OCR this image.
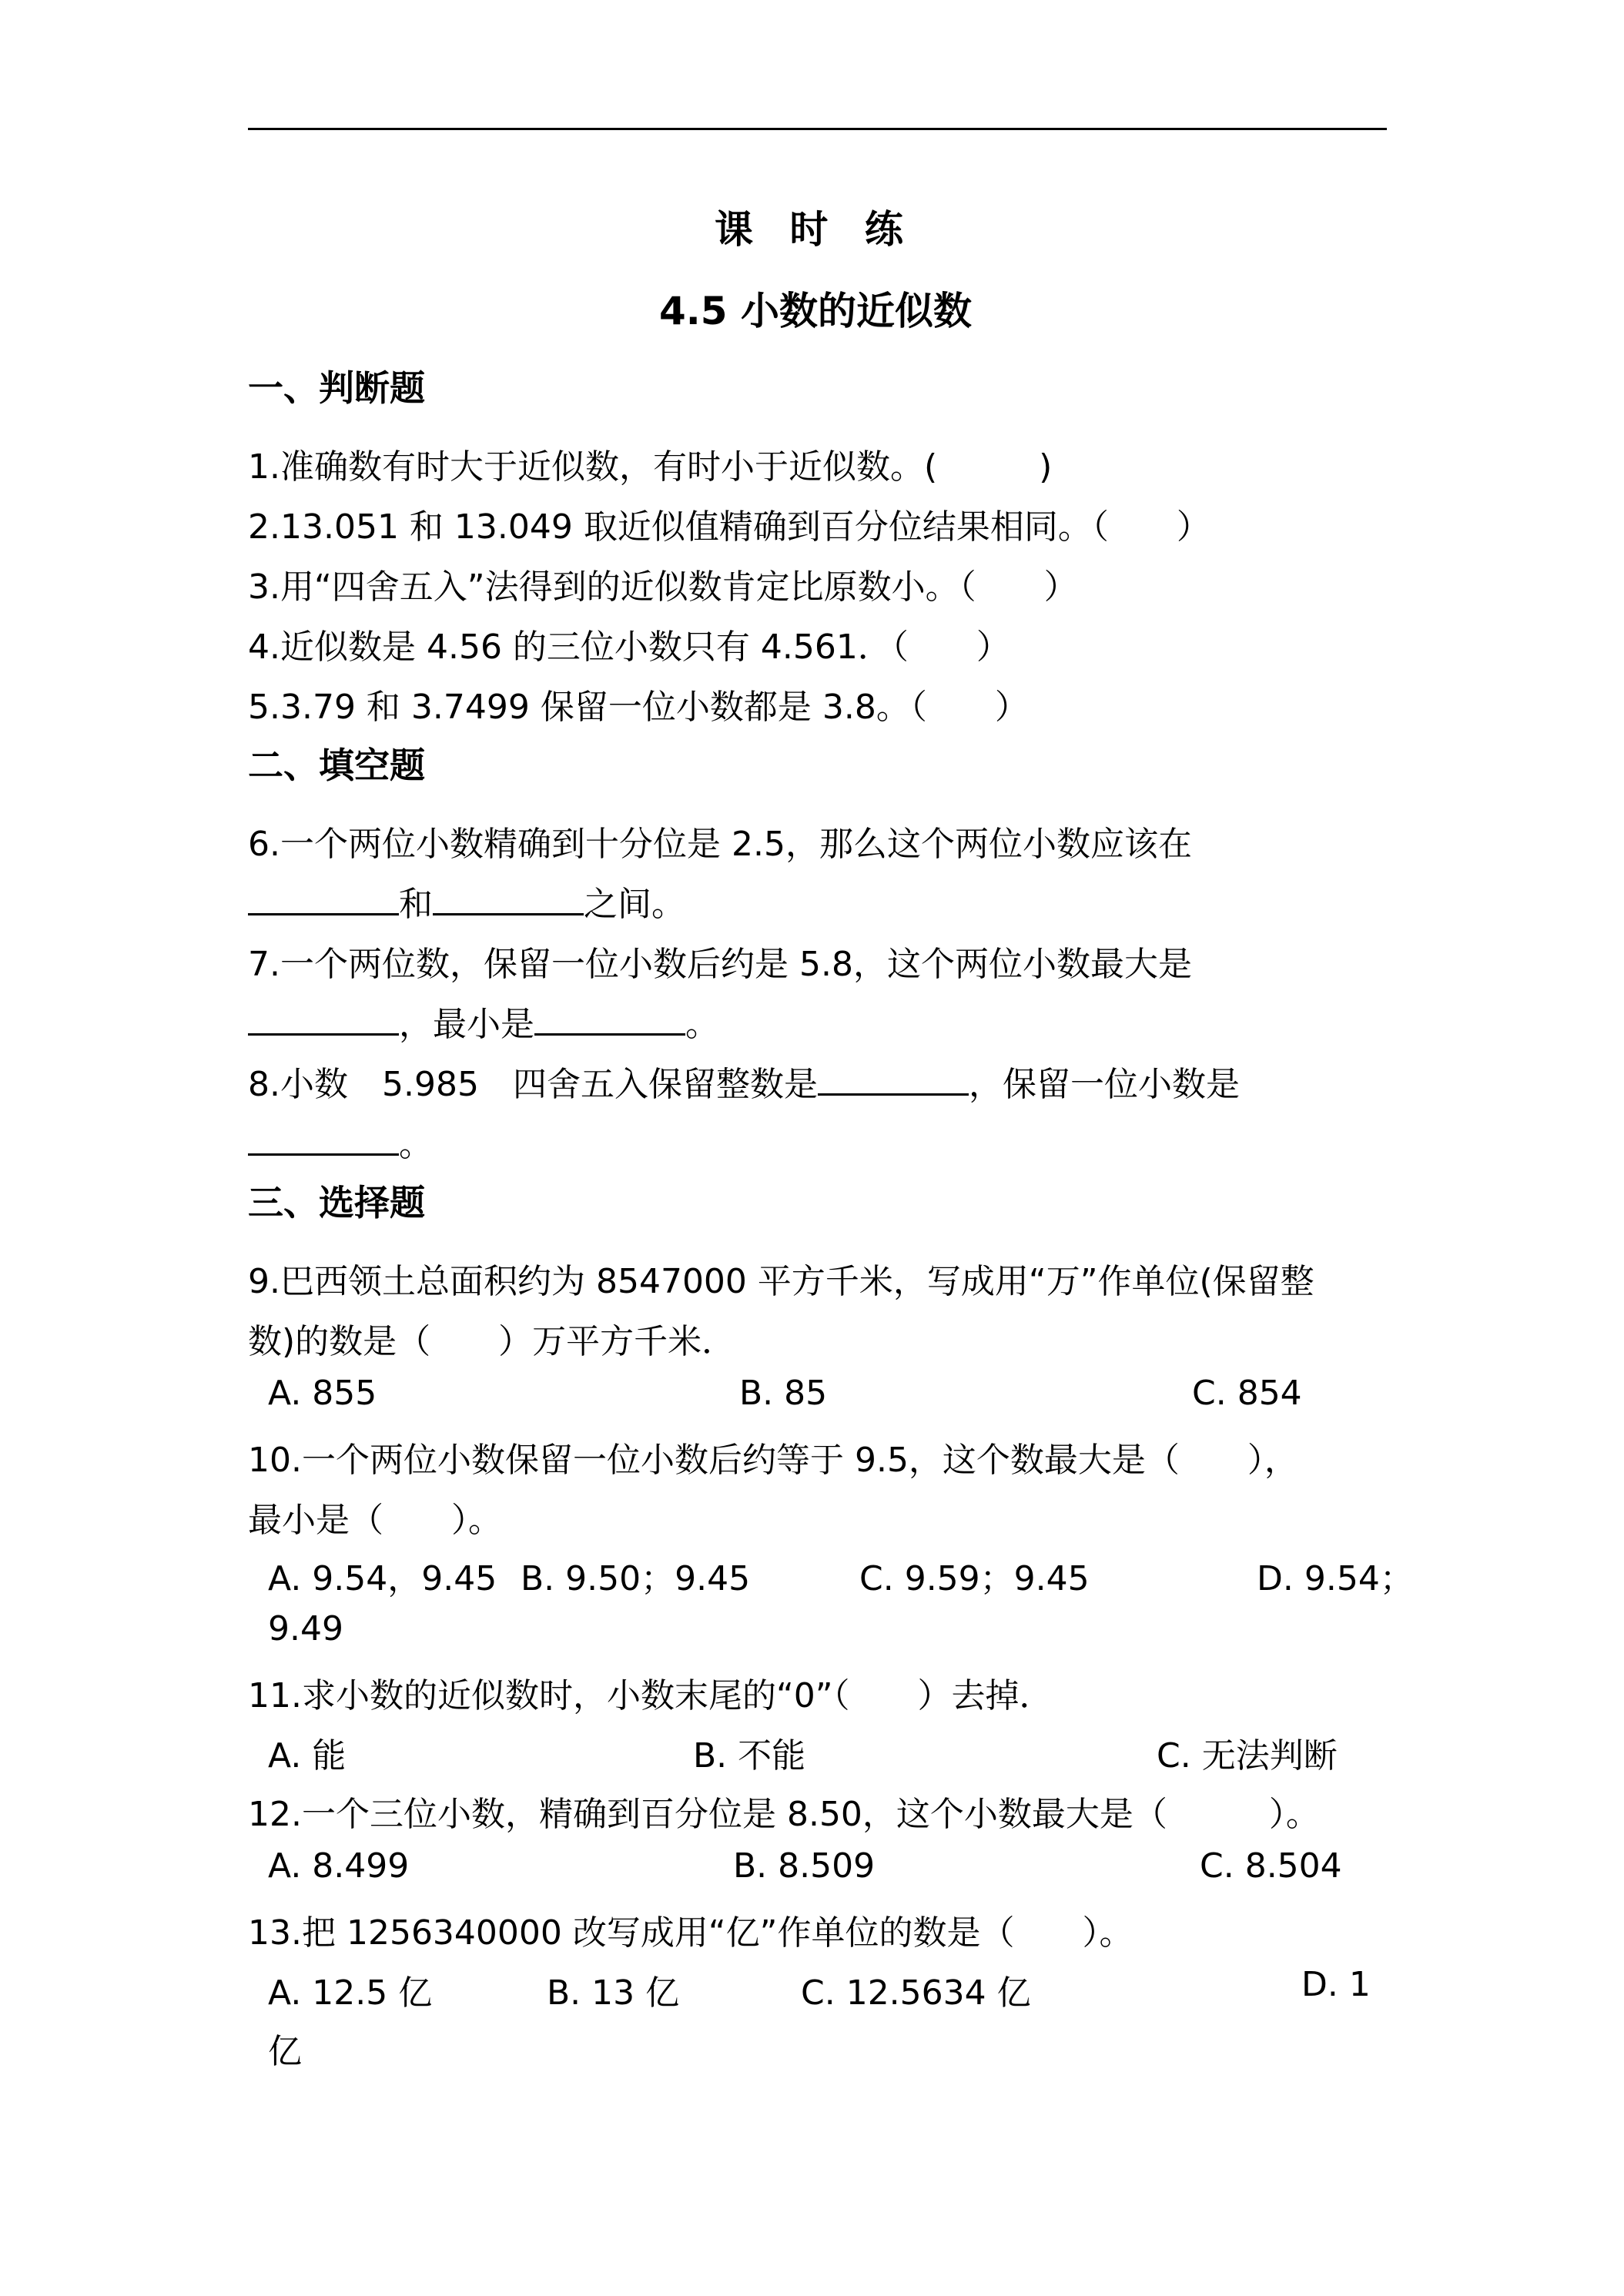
课 时 练
4.5 小数的近似数
一、判断题
1.准确数有时大于近似数，有时小于近似数。(　　　)
2.13.051 和 13.049 取近似值精确到百分位结果相同。（　　）
3.用“四舍五入”法得到的近似数肯定比原数小。（　　）
4.近似数是 4.56 的三位小数只有 4.561．（　　）
5.3.79 和 3.7499 保留一位小数都是 3.8。（　　）
二、填空题
6.一个两位小数精确到十分位是 2.5，那么这个两位小数应该在
和	之间。
7.一个两位数，保留一位小数后约是 5.8，这个两位小数最大是
，最小是	。
8.小数　5.985　四舍五入保留整数是	，保留一位小数是
。
三、选择题
9.巴西领土总面积约为 8547000 平方千米，写成用“万”作单位(保留整
数)的数是（　　）万平方千米．
A. 855	B. 85	C. 854
10.一个两位小数保留一位小数后约等于 9.5，这个数最大是（　　），
最小是（　　）。
A. 9.54，9.45 B. 9.50；9.45	C. 9.59；9.45	D. 9.54；
9.49
11.求小数的近似数时，小数末尾的“0”（　　）去掉．
A. 能	B. 不能	C. 无法判断
12.一个三位小数，精确到百分位是 8.50，这个小数最大是（　　　）。
A. 8.499	B. 8.509	C. 8.504
13.把 1256340000 改写成用“亿”作单位的数是（　　）。
A. 12.5 亿	B. 13 亿	C. 12.5634 亿	D. 1
亿
